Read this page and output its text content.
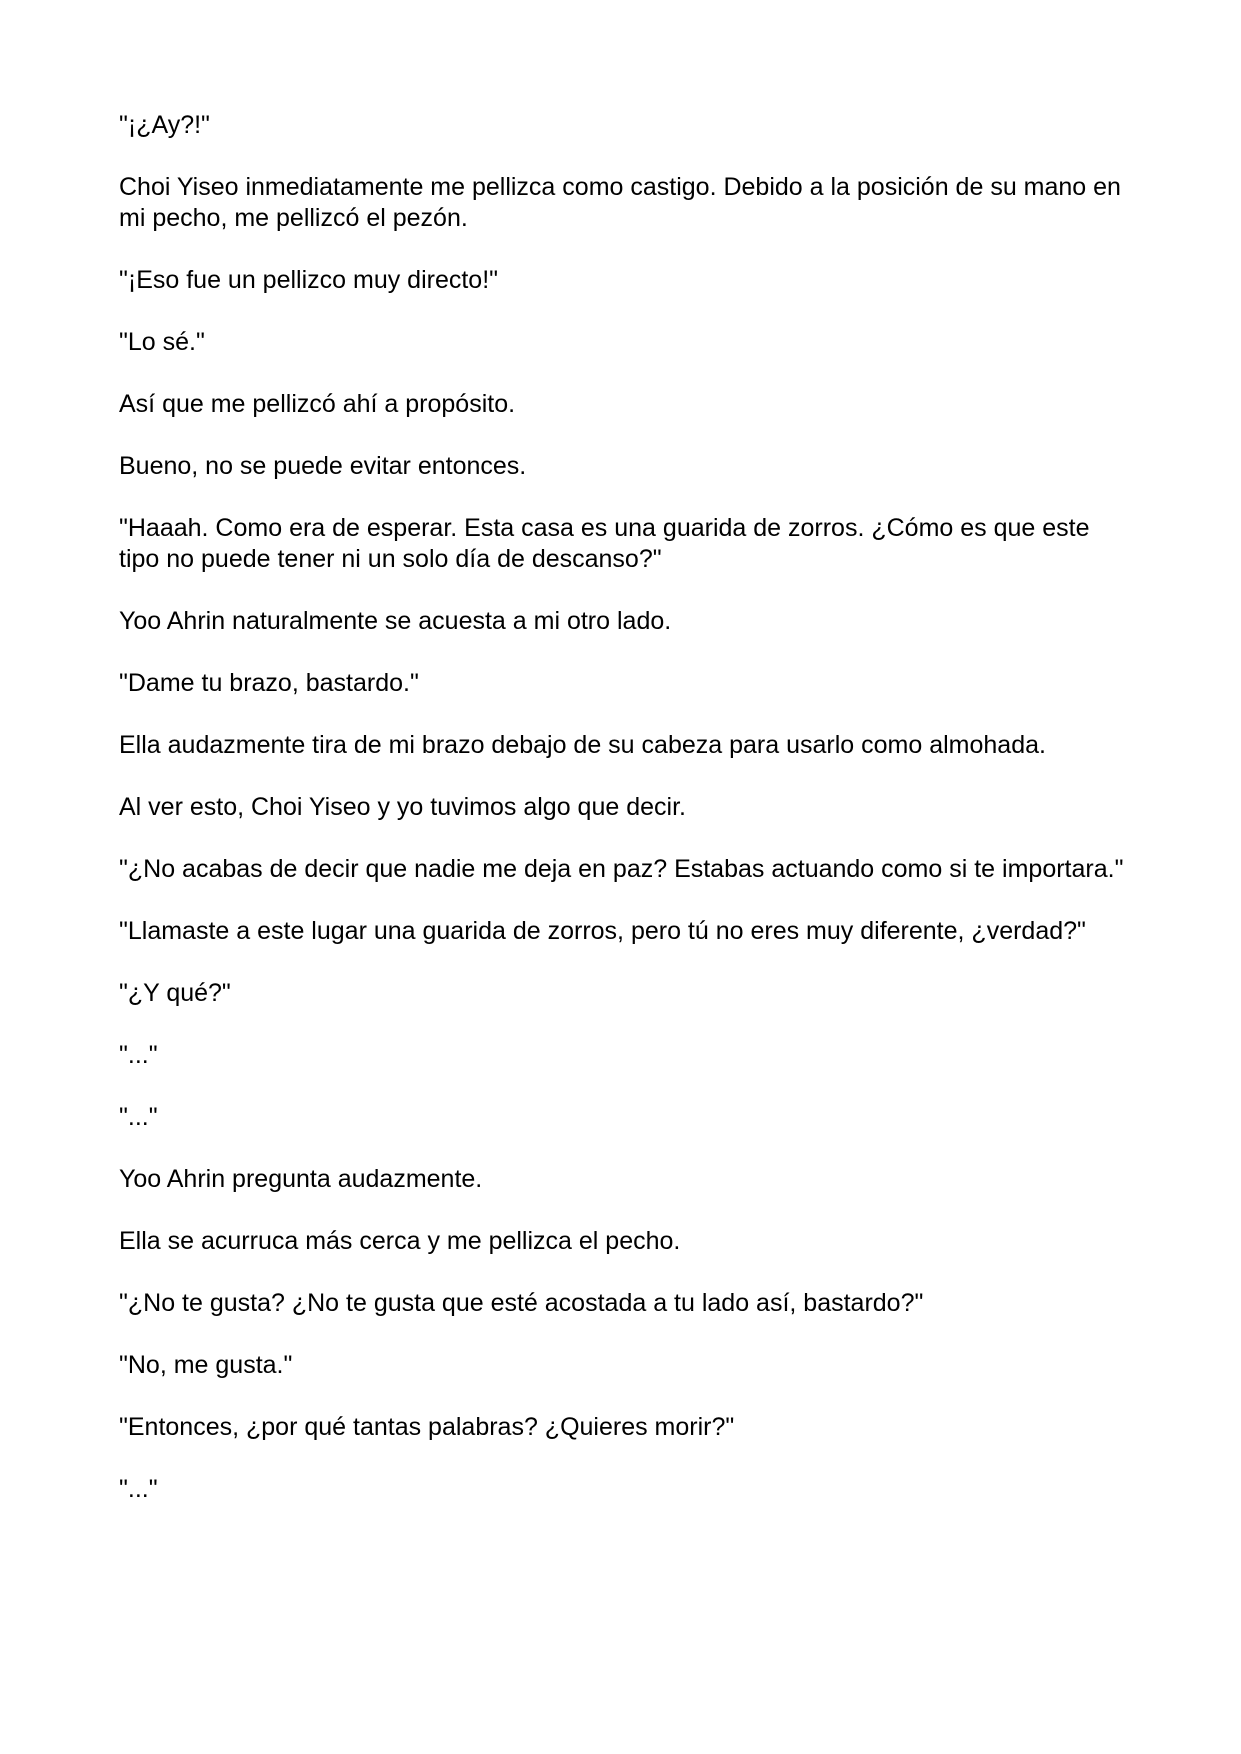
"¡¿Ay?!"

Choi Yiseo inmediatamente me pellizca como castigo. Debido a la posición de su mano en mi pecho, me pellizcó el pezón.

"¡Eso fue un pellizco muy directo!"

"Lo sé."

Así que me pellizcó ahí a propósito.

Bueno, no se puede evitar entonces.

"Haaah. Como era de esperar. Esta casa es una guarida de zorros. ¿Cómo es que este tipo no puede tener ni un solo día de descanso?"

Yoo Ahrin naturalmente se acuesta a mi otro lado.

"Dame tu brazo, bastardo."

Ella audazmente tira de mi brazo debajo de su cabeza para usarlo como almohada.

Al ver esto, Choi Yiseo y yo tuvimos algo que decir.

"¿No acabas de decir que nadie me deja en paz? Estabas actuando como si te importara."

"Llamaste a este lugar una guarida de zorros, pero tú no eres muy diferente, ¿verdad?"

"¿Y qué?"

"..."

"..."

Yoo Ahrin pregunta audazmente.

Ella se acurruca más cerca y me pellizca el pecho.

"¿No te gusta? ¿No te gusta que esté acostada a tu lado así, bastardo?"

"No, me gusta."

"Entonces, ¿por qué tantas palabras? ¿Quieres morir?"

"..."
